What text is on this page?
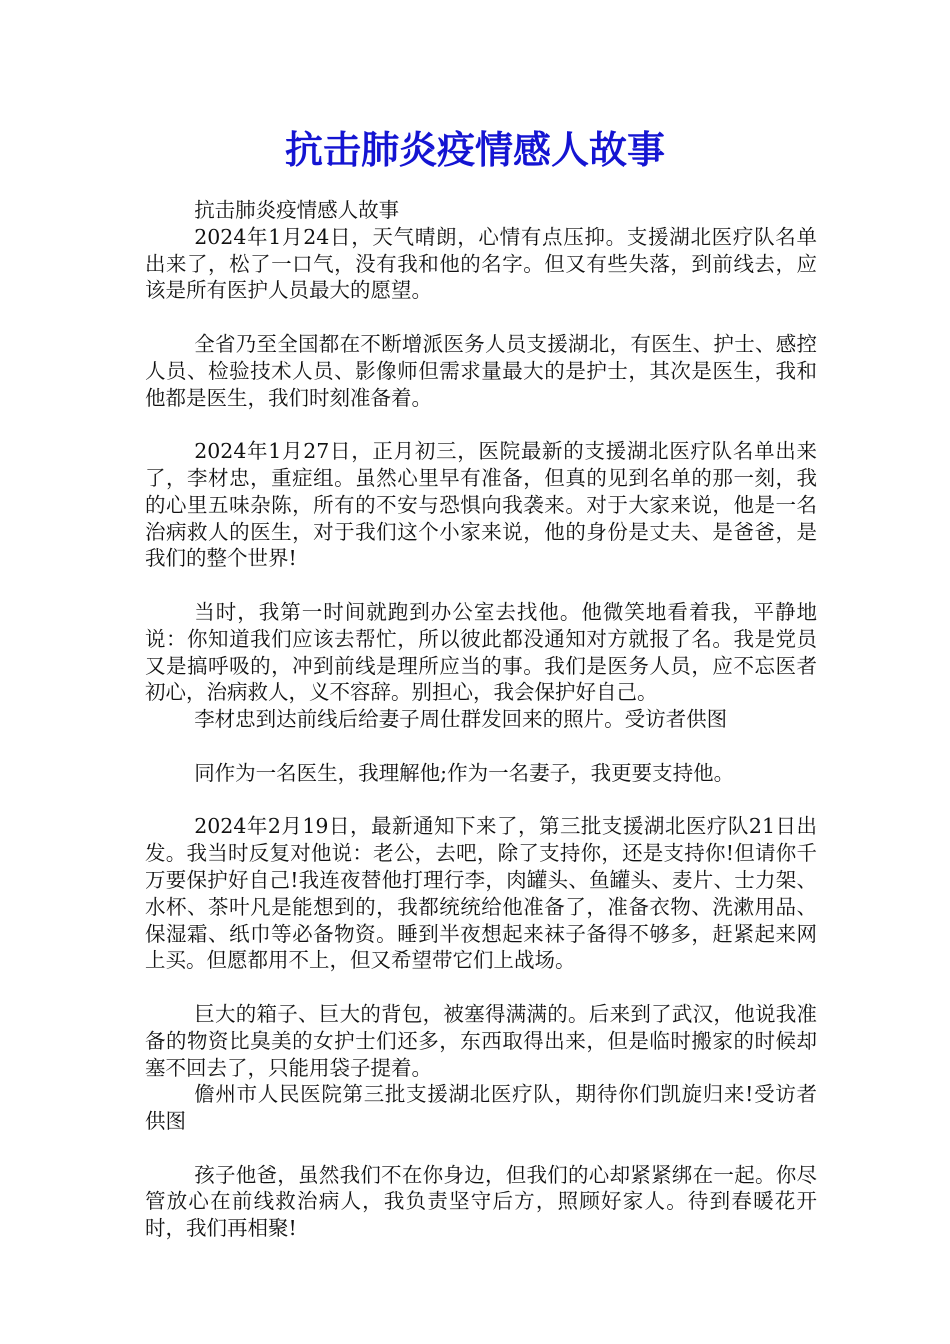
抗击肺炎疫情感人故事

抗击肺炎疫情感人故事

2024年1月24日，天气晴朗，心情有点压抑。支援湖北医疗队名单出来了，松了一口气，没有我和他的名字。但又有些失落，到前线去，应该是所有医护人员最大的愿望。

全省乃至全国都在不断增派医务人员支援湖北，有医生、护士、感控人员、检验技术人员、影像师但需求量最大的是护士，其次是医生，我和他都是医生，我们时刻准备着。

2024年1月27日，正月初三，医院最新的支援湖北医疗队名单出来了，李材忠，重症组。虽然心里早有准备，但真的见到名单的那一刻，我的心里五味杂陈，所有的不安与恐惧向我袭来。对于大家来说，他是一名治病救人的医生，对于我们这个小家来说，他的身份是丈夫、是爸爸，是我们的整个世界!

当时，我第一时间就跑到办公室去找他。他微笑地看着我，平静地说：你知道我们应该去帮忙，所以彼此都没通知对方就报了名。我是党员又是搞呼吸的，冲到前线是理所应当的事。我们是医务人员，应不忘医者初心，治病救人，义不容辞。别担心，我会保护好自己。

李材忠到达前线后给妻子周仕群发回来的照片。受访者供图

同作为一名医生，我理解他;作为一名妻子，我更要支持他。

2024年2月19日，最新通知下来了，第三批支援湖北医疗队21日出发。我当时反复对他说：老公，去吧，除了支持你，还是支持你!但请你千万要保护好自己!我连夜替他打理行李，肉罐头、鱼罐头、麦片、士力架、水杯、茶叶凡是能想到的，我都统统给他准备了，准备衣物、洗漱用品、保湿霜、纸巾等必备物资。睡到半夜想起来袜子备得不够多，赶紧起来网上买。但愿都用不上，但又希望带它们上战场。

巨大的箱子、巨大的背包，被塞得满满的。后来到了武汉，他说我准备的物资比臭美的女护士们还多，东西取得出来，但是临时搬家的时候却塞不回去了，只能用袋子提着。

儋州市人民医院第三批支援湖北医疗队，期待你们凯旋归来!受访者供图

孩子他爸，虽然我们不在你身边，但我们的心却紧紧绑在一起。你尽管放心在前线救治病人，我负责坚守后方，照顾好家人。待到春暖花开时，我们再相聚!
